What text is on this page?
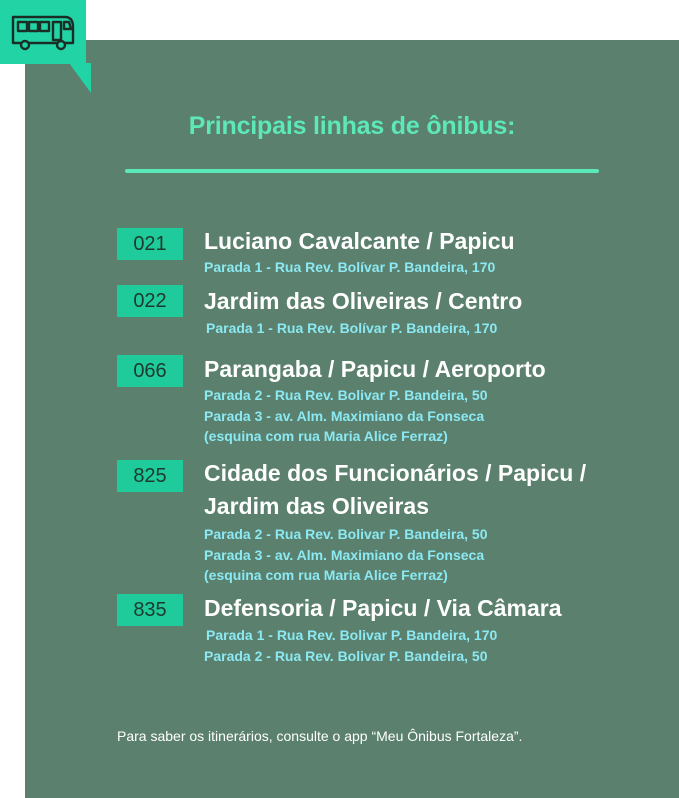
Principais linhas de ônibus:
021	Luciano Cavalcante / Papicu
Parada 1 - Rua Rev. Bolívar P. Bandeira, 170
022	Jardim das Oliveiras / Centro
Parada 1 - Rua Rev. Bolívar P. Bandeira, 170
066	Parangaba / Papicu / Aeroporto
Parada 2 - Rua Rev. Bolivar P. Bandeira, 50
Parada 3 - av. Alm. Maximiano da Fonseca
(esquina com rua Maria Alice Ferraz)
825	Cidade dos Funcionários / Papicu /
Jardim das Oliveiras
Parada 2 - Rua Rev. Bolivar P. Bandeira, 50
Parada 3 - av. Alm. Maximiano da Fonseca
(esquina com rua Maria Alice Ferraz)
835	Defensoria / Papicu / Via Câmara
Parada 1 - Rua Rev. Bolivar P. Bandeira, 170
Parada 2 - Rua Rev. Bolivar P. Bandeira, 50
Para saber os itinerários, consulte o app “Meu Ônibus Fortaleza”.
